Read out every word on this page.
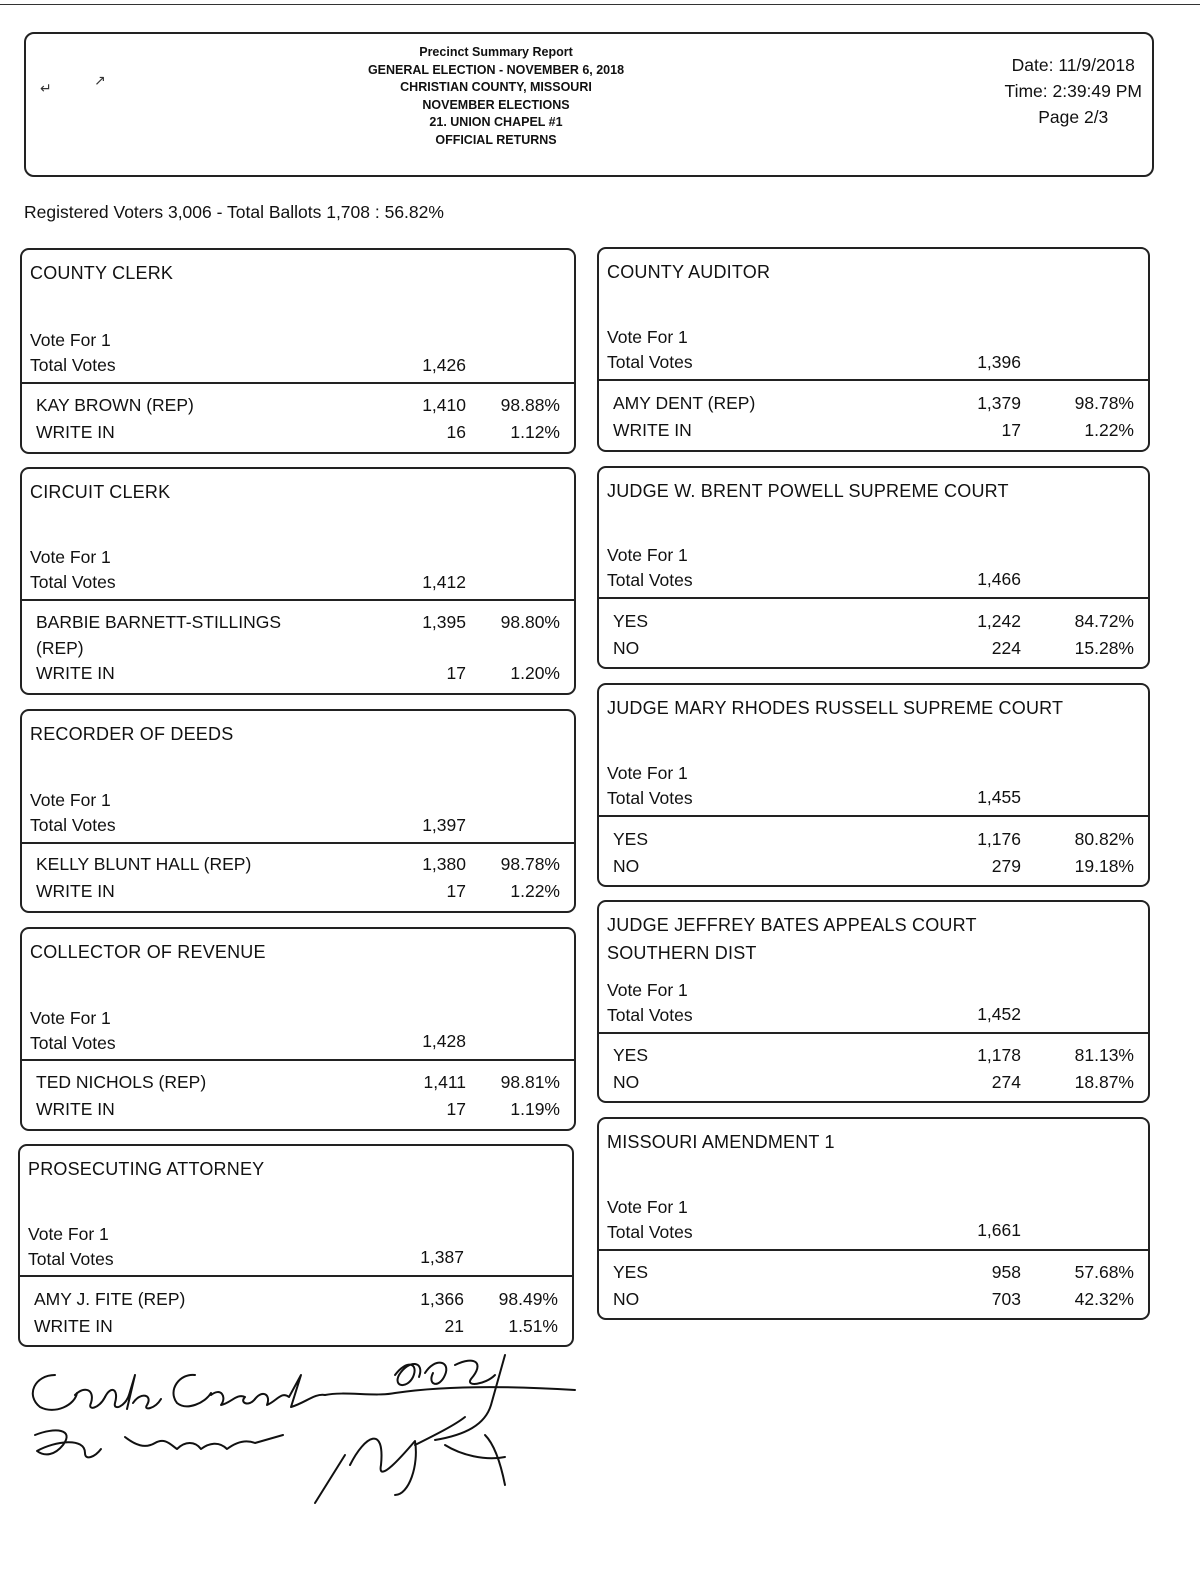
↵	↗
Precinct Summary Report
GENERAL ELECTION - NOVEMBER 6, 2018
CHRISTIAN COUNTY, MISSOURI
NOVEMBER ELECTIONS
21. UNION CHAPEL #1
OFFICIAL RETURNS
Date: 11/9/2018
Time: 2:39:49 PM
Page 2/3
Registered Voters 3,006 - Total Ballots 1,708 : 56.82%
COUNTY CLERK
Vote For 1
Total Votes	1,426
KAY BROWN (REP)	1,410 98.88%
WRITE IN	16	1.12%
CIRCUIT CLERK
Vote For 1
Total Votes	1,412
BARBIE BARNETT-STILLINGS	1,395 98.80%
(REP)
WRITE IN	17	1.20%
RECORDER OF DEEDS
Vote For 1
Total Votes	1,397
KELLY BLUNT HALL (REP)	1,380 98.78%
WRITE IN	17	1.22%
COLLECTOR OF REVENUE
Vote For 1
Total Votes	1,428
TED NICHOLS (REP)	1,411 98.81%
WRITE IN	17	1.19%
PROSECUTING ATTORNEY
Vote For 1
Total Votes	1,387
AMY J. FITE (REP)	1,366 98.49%
WRITE IN	21	1.51%
COUNTY AUDITOR
Vote For 1
Total Votes	1,396
AMY DENT (REP)	1,379	98.78%
WRITE IN	17	1.22%
JUDGE W. BRENT POWELL SUPREME COURT
Vote For 1
Total Votes	1,466
YES	1,242	84.72%
NO	224	15.28%
JUDGE MARY RHODES RUSSELL SUPREME COURT
Vote For 1
Total Votes	1,455
YES	1,176	80.82%
NO	279	19.18%
JUDGE JEFFREY BATES APPEALS COURT
SOUTHERN DIST
Vote For 1
Total Votes	1,452
YES	1,178	81.13%
NO	274	18.87%
MISSOURI AMENDMENT 1
Vote For 1
Total Votes	1,661
YES	958	57.68%
NO	703	42.32%
